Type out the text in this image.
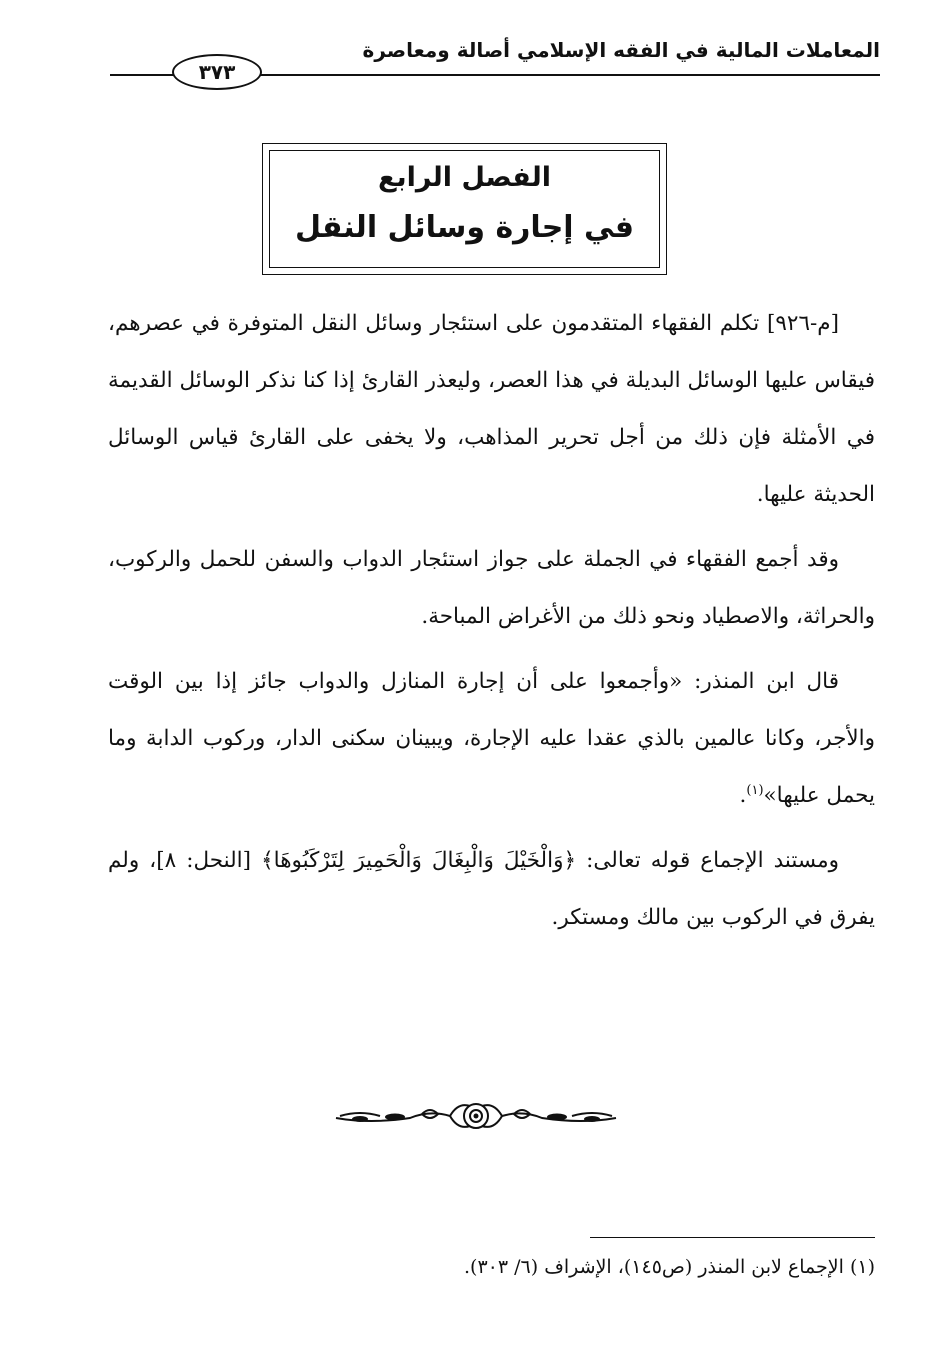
المعاملات المالية في الفقه الإسلامي أصالة ومعاصرة
٣٧٣
الفصل الرابع
في إجارة وسائل النقل

[م-٩٢٦] تكلم الفقهاء المتقدمون على استئجار وسائل النقل المتوفرة في عصرهم، فيقاس عليها الوسائل البديلة في هذا العصر، وليعذر القارئ إذا كنا نذكر الوسائل القديمة في الأمثلة فإن ذلك من أجل تحرير المذاهب، ولا يخفى على القارئ قياس الوسائل الحديثة عليها.

وقد أجمع الفقهاء في الجملة على جواز استئجار الدواب والسفن للحمل والركوب، والحراثة، والاصطياد ونحو ذلك من الأغراض المباحة.

قال ابن المنذر: «وأجمعوا على أن إجارة المنازل والدواب جائز إذا بين الوقت والأجر، وكانا عالمين بالذي عقدا عليه الإجارة، ويبينان سكنى الدار، وركوب الدابة وما يحمل عليها»$^{(١)}$.

ومستند الإجماع قوله تعالى: ﴿وَالْخَيْلَ وَالْبِغَالَ وَالْحَمِيرَ لِتَرْكَبُوهَا﴾ [النحل: ٨]، ولم يفرق في الركوب بين مالك ومستكر.

(١) الإجماع لابن المنذر (ص١٤٥)، الإشراف (٦/ ٣٠٣).
